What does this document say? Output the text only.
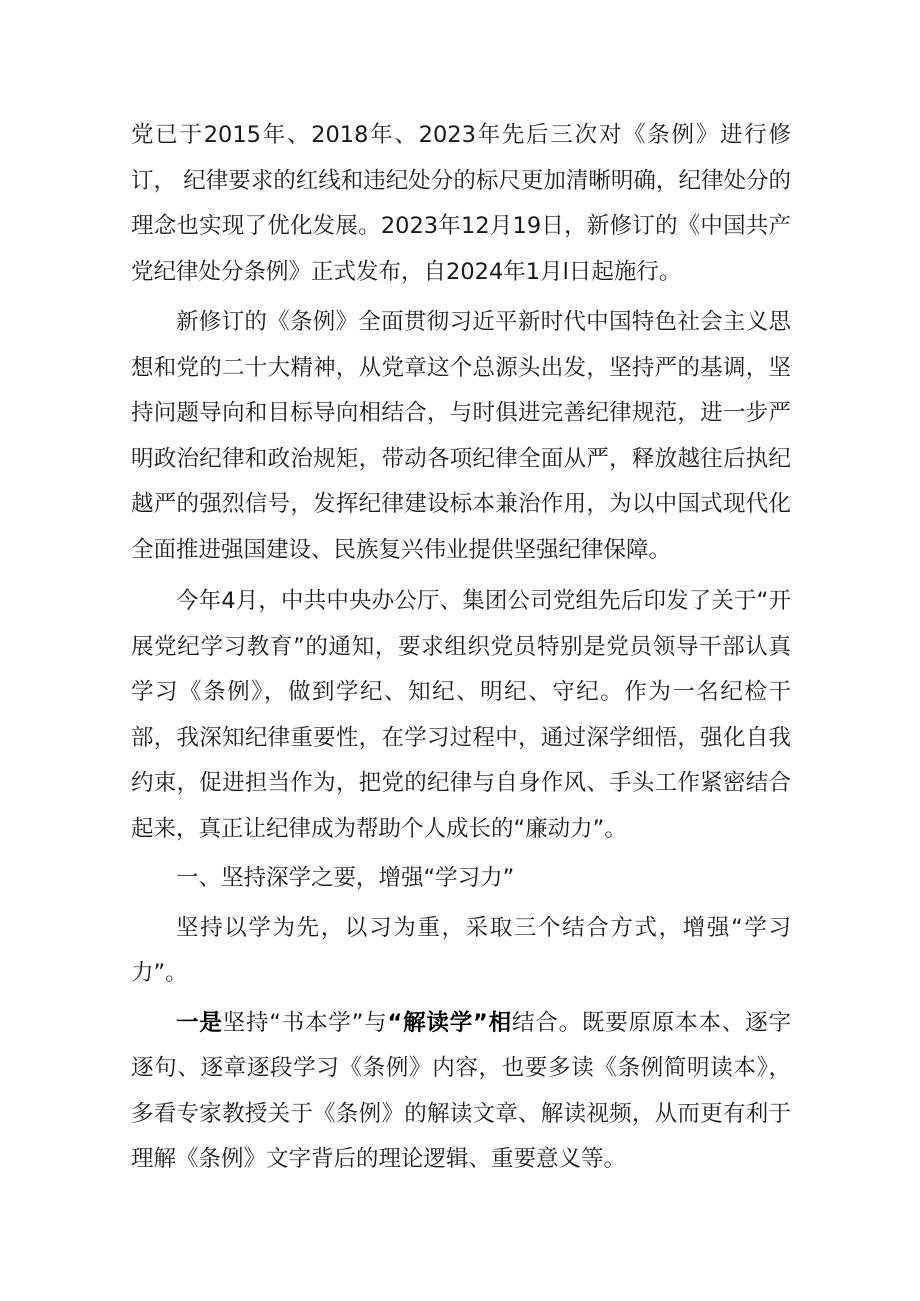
党已于2015年、2018年、2023年先后三次对《条例》进行修订， 纪律要求的红线和违纪处分的标尺更加清晰明确，纪律处分的理念也实现了优化发展。2023年12月19日，新修订的《中国共产党纪律处分条例》正式发布，自2024年1月l日起施行。

新修订的《条例》全面贯彻习近平新时代中国特色社会主义思想和党的二十大精神，从党章这个总源头出发，坚持严的基调，坚持问题导向和目标导向相结合，与时俱进完善纪律规范，进一步严明政治纪律和政治规矩，带动各项纪律全面从严，释放越往后执纪越严的强烈信号，发挥纪律建设标本兼治作用，为以中国式现代化全面推进强国建设、民族复兴伟业提供坚强纪律保障。

今年4月，中共中央办公厅、集团公司党组先后印发了关于“开展党纪学习教育”的通知，要求组织党员特别是党员领导干部认真学习《条例》，做到学纪、知纪、明纪、守纪。作为一名纪检干部，我深知纪律重要性，在学习过程中，通过深学细悟，强化自我约束，促进担当作为，把党的纪律与自身作风、手头工作紧密结合起来，真正让纪律成为帮助个人成长的“廉动力”。

一、坚持深学之要，增强“学习力”

坚持以学为先，以习为重，采取三个结合方式，增强“学习力”。

一是坚持“书本学”与“解读学”相结合。既要原原本本、逐字逐句、逐章逐段学习《条例》内容，也要多读《条例简明读本》，多看专家教授关于《条例》的解读文章、解读视频，从而更有利于理解《条例》文字背后的理论逻辑、重要意义等。
